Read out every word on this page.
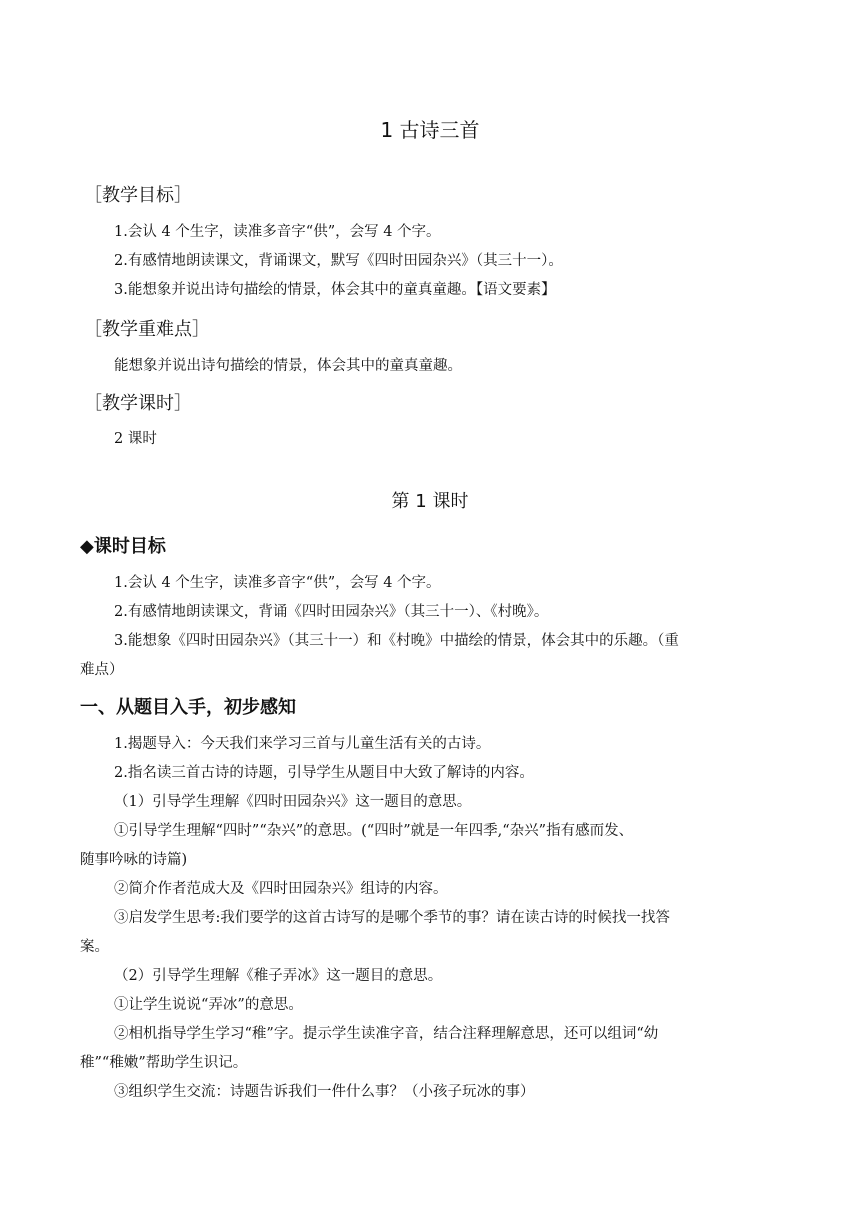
1 古诗三首
［教学目标］
1.会认 4 个生字，读准多音字“供”，会写 4 个字。
2.有感情地朗读课文，背诵课文，默写《四时田园杂兴》（其三十一）。
3.能想象并说出诗句描绘的情景，体会其中的童真童趣。【语文要素】
［教学重难点］
能想象并说出诗句描绘的情景，体会其中的童真童趣。
［教学课时］
2 课时
第 1 课时
◆课时目标
1.会认 4 个生字，读准多音字“供”，会写 4 个字。
2.有感情地朗读课文，背诵《四时田园杂兴》（其三十一）、《村晚》。
3.能想象《四时田园杂兴》（其三十一）和《村晚》中描绘的情景，体会其中的乐趣。（重
难点）
一、从题目入手，初步感知
1.揭题导入：今天我们来学习三首与儿童生活有关的古诗。
2.指名读三首古诗的诗题，引导学生从题目中大致了解诗的内容。
（1）引导学生理解《四时田园杂兴》这一题目的意思。
①引导学生理解“四时”“杂兴”的意思。(“四时”就是一年四季,“杂兴”指有感而发、
随事吟咏的诗篇)
②简介作者范成大及《四时田园杂兴》组诗的内容。
③启发学生思考:我们要学的这首古诗写的是哪个季节的事？请在读古诗的时候找一找答
案。
（2）引导学生理解《稚子弄冰》这一题目的意思。
①让学生说说“弄冰”的意思。
②相机指导学生学习“稚”字。提示学生读准字音，结合注释理解意思，还可以组词“幼
稚”“稚嫩”帮助学生识记。
③组织学生交流：诗题告诉我们一件什么事？（小孩子玩冰的事）
